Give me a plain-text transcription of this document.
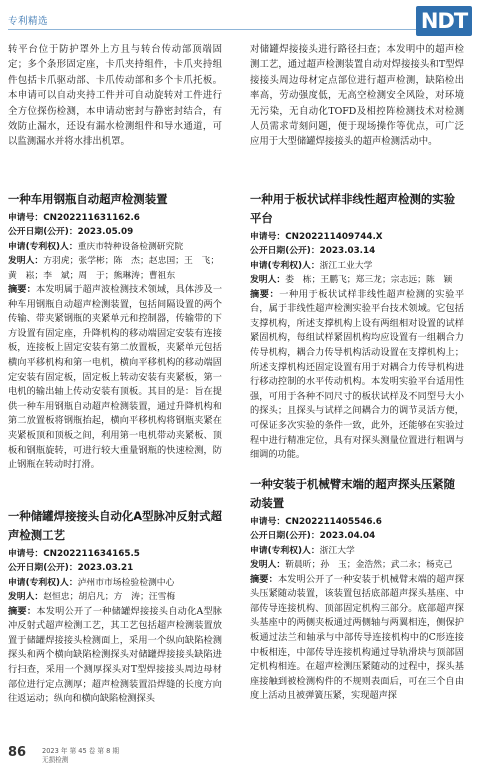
专利精选	NDT

转平台位于防护罩外上方且与转台传动部顶端固定；多个条形固定座，卡爪夹持组件，卡爪夹持组件包括卡爪驱动部、卡爪传动部和多个卡爪托板。本申请可以自动夹持工件并可自动旋转对工件进行全方位探伤检测，本申请动密封与静密封结合，有效防止漏水，还设有漏水检测组件和导水通道，可以监测漏水并将水排出机罩。

一种车用钢瓶自动超声检测装置

申请号：CN202211631162.6

公开日期(公开)：2023.05.09

申请(专利权)人：重庆市特种设备检测研究院

发明人：方羽虎；张学彬；陈　杰；赵忠国；王　飞；黄　崧；李　斌；周　于；熊琳涛；曹祖东

摘要：本发明属于超声波检测技术领域，具体涉及一种车用钢瓶自动超声检测装置，包括间隔设置的两个传输、带夹紧钢瓶的夹紧单元和控制器，传输带的下方设置有固定座，升降机构的移动端固定安装有连接板，连接板上固定安装有第二放置板，夹紧单元包括横向平移机构和第一电机，横向平移机构的移动端固定安装有固定板，固定板上转动安装有夹紧板，第一电机的输出轴上传动安装有顶板。其目的是：旨在提供一种车用钢瓶自动超声检测装置，通过升降机构和第二放置板将钢瓶抬起，横向平移机构将钢瓶夹紧在夹紧板顶和顶板之间，利用第一电机带动夹紧板、顶板和钢瓶旋转，可进行较大重量钢瓶的快速检测，防止钢瓶在转动时打滑。

一种储罐焊接接头自动化A型脉冲反射式超声检测工艺

申请号：CN202211634165.5

公开日期(公开)：2023.03.21

申请(专利权)人：泸州市市场检验检测中心

发明人：赵恒忠；胡启凡；方　涛；汪雪梅

摘要：本发明公开了一种储罐焊接接头自动化A型脉冲反射式超声检测工艺，其工艺包括超声检测装置放置于储罐焊接接头检测面上，采用一个纵向缺陷检测探头和两个横向缺陷检测探头对储罐焊接接头缺陷进行扫查，采用一个测厚探头对T型焊接接头周边母材部位进行定点测厚；超声检测装置沿焊缝的长度方向往返运动；纵向和横向缺陷检测探头

对储罐焊接接头进行路径扫查；本发明中的超声检测工艺，通过超声检测装置自动对焊接接头和T型焊接接头周边母材定点部位进行超声检测，缺陷检出率高，劳动强度低，无高空检测安全风险，对环境无污染，无自动化TOFD及相控阵检测技术对检测人员需求苛刻问题，便于现场操作等优点，可广泛应用于大型储罐焊接接头的超声检测活动中。

一种用于板状试样非线性超声检测的实验平台

申请号：CN202211409744.X

公开日期(公开)：2023.03.14

申请(专利权)人：浙江工业大学

发明人：娄　栋；王鹏飞；郑三龙；宗志远；陈　颖

摘要：一种用于板状试样非线性超声检测的实验平台，属于非线性超声检测实验平台技术领域。它包括支撑机构，所述支撑机构上设有两组相对设置的试样紧固机构，每组试样紧固机构均应设置有一组耦合力传导机构，耦合力传导机构活动设置在支撑机构上；所述支撑机构还固定设置有用于对耦合力传导机构进行移动控制的水平传动机构。本发明实验平台适用性强，可用于各种不同尺寸的板状试样及不同型号大小的探头；且探头与试样之间耦合力的调节灵活方便，可保证多次实验的条件一致，此外，还能够在实验过程中进行精准定位，具有对探头测量位置进行粗调与细调的功能。

一种安装于机械臂末端的超声探头压紧随动装置

申请号：CN202211405546.6

公开日期(公开)：2023.04.04

申请(专利权)人：浙江大学

发明人：靳晨昕；孙　玉；金浩然；武二永；杨克己

摘要：本发明公开了一种安装于机械臂末端的超声探头压紧随动装置，该装置包括底部超声探头基座、中部传导连接机构、顶部固定机构三部分。底部超声探头基座中的两侧夹板通过两侧轴与两翼相连，侧保护板通过法兰和轴承与中部传导连接机构中的C形连接中板相连，中部传导连接机构通过导轨滑块与顶部固定机构相连。在超声检测压紧随动的过程中，探头基座接触到被检测构件的不规则表面后，可在三个自由度上活动且被弹簧压紧，实现超声探

86 2023 年 第 45 卷 第 8 期
无损检测
